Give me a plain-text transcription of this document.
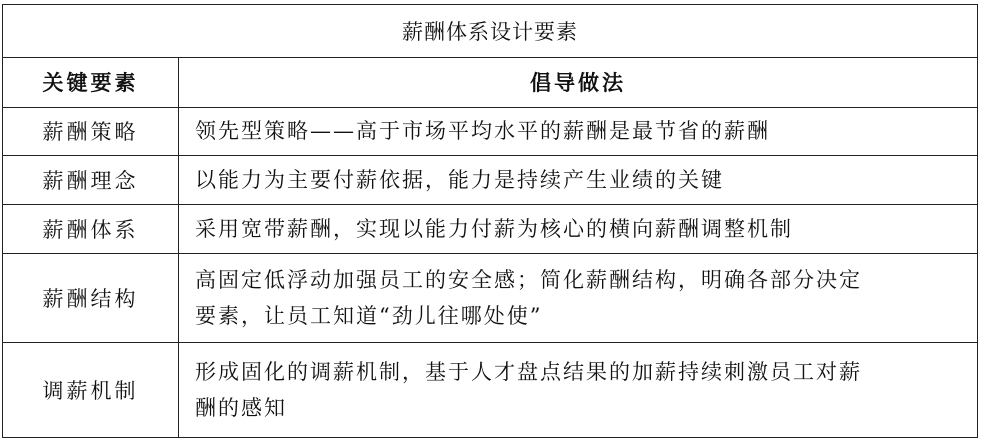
薪酬体系设计要素	
关键要素	倡导做法
薪酬策略	领先型策略——高于市场平均水平的薪酬是最节省的薪酬

薪酬理念	以能力为主要付薪依据，能力是持续产生业绩的关键

薪酬体系	采用宽带薪酬，实现以能力付薪为核心的横向薪酬调整机制

薪酬结构	高固定低浮动加强员工的安全感；简化薪酬结构，明确各部分决定
要素，让员工知道“劲儿往哪处使”

调薪机制	形成固化的调薪机制，基于人才盘点结果的加薪持续刺激员工对薪
酬的感知
